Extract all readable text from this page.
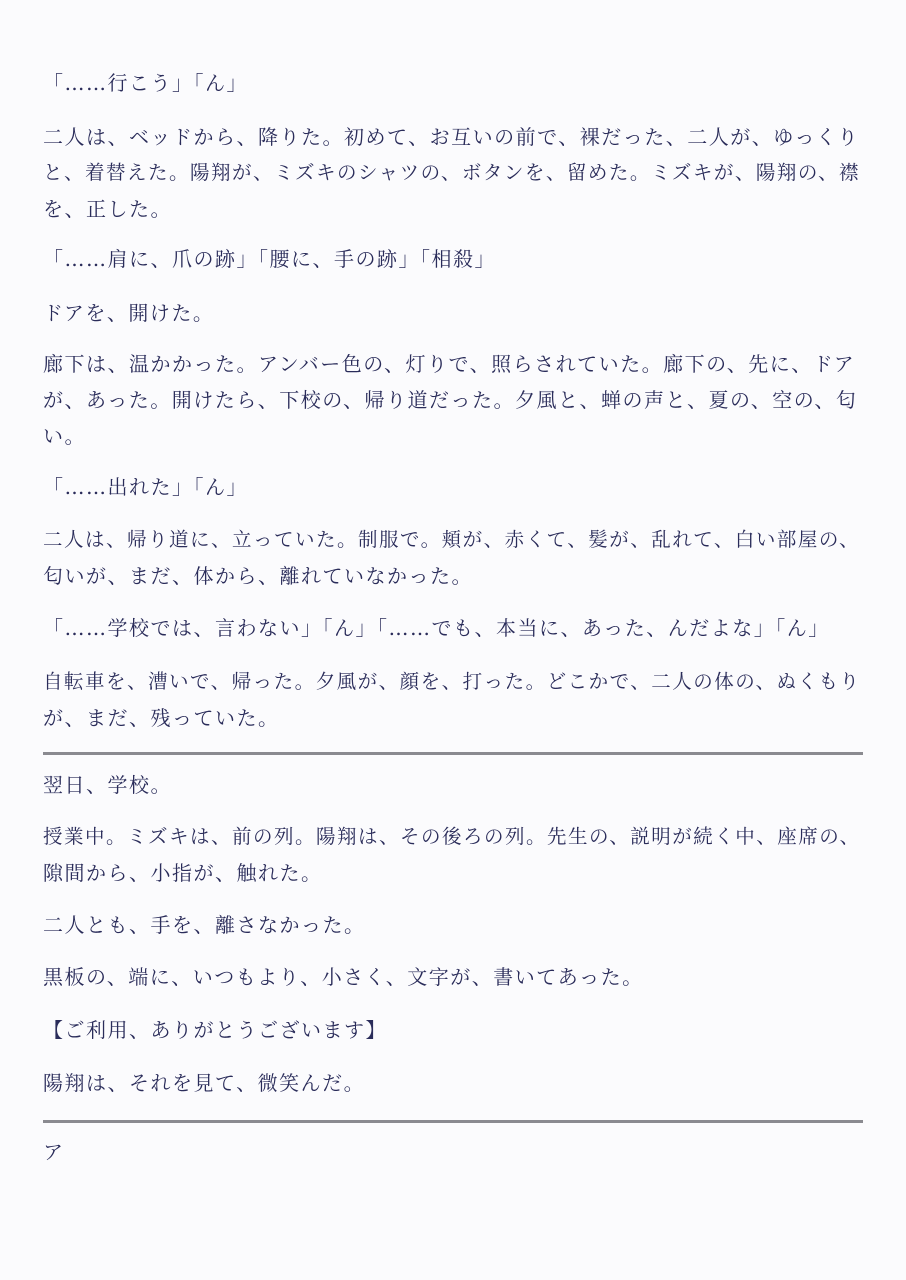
「……行こう」「ん」
二人は、ベッドから、降りた。初めて、お互いの前で、裸だった、二人が、ゆっくり
と、着替えた。陽翔が、ミズキのシャツの、ボタンを、留めた。ミズキが、陽翔の、襟
を、正した。
「……肩に、爪の跡」「腰に、手の跡」「相殺」
ドアを、開けた。
廊下は、温かかった。アンバー色の、灯りで、照らされていた。廊下の、先に、ドア
が、あった。開けたら、下校の、帰り道だった。夕風と、蝉の声と、夏の、空の、匂
い。
「……出れた」「ん」
二人は、帰り道に、立っていた。制服で。頬が、赤くて、髪が、乱れて、白い部屋の、
匂いが、まだ、体から、離れていなかった。
「……学校では、言わない」「ん」「……でも、本当に、あった、んだよな」「ん」
自転車を、漕いで、帰った。夕風が、顔を、打った。どこかで、二人の体の、ぬくもり
が、まだ、残っていた。
翌日、学校。
授業中。ミズキは、前の列。陽翔は、その後ろの列。先生の、説明が続く中、座席の、
隙間から、小指が、触れた。
二人とも、手を、離さなかった。
黒板の、端に、いつもより、小さく、文字が、書いてあった。
【ご利用、ありがとうございます】
陽翔は、それを見て、微笑んだ。
ア
